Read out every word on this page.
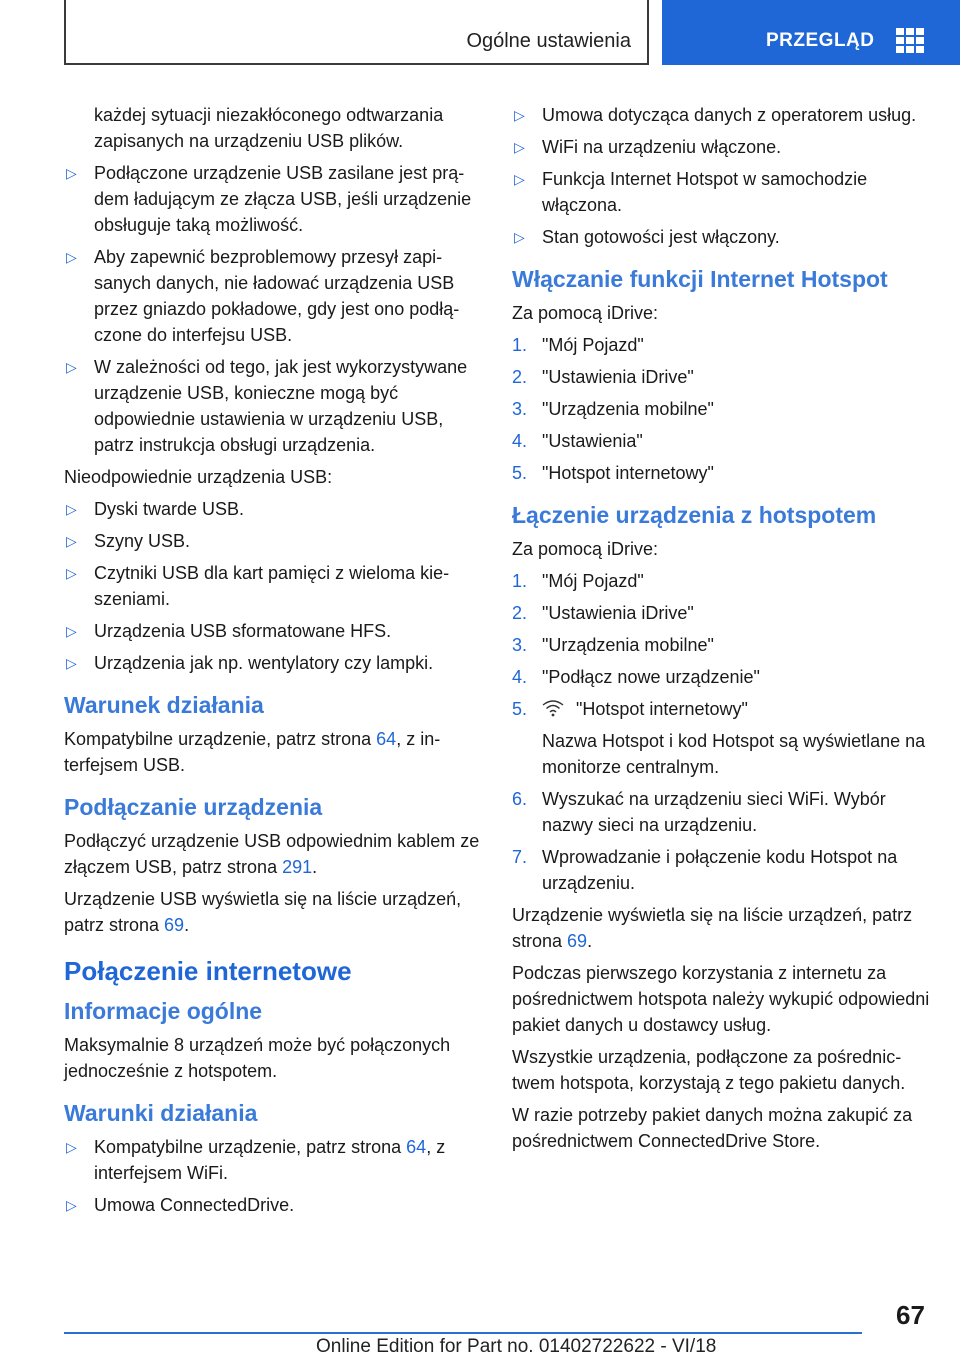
Ogólne ustawienia	PRZEGLĄD
każdej sytuacji niezakłóconego odtwarzania zapisanych na urządzeniu USB plików.
▷ Podłączone urządzenie USB zasilane jest prądem ładującym ze złącza USB, jeśli urządzenie obsługuje taką możliwość.
▷ Aby zapewnić bezproblemowy przesył zapisanych danych, nie ładować urządzenia USB przez gniazdo pokładowe, gdy jest ono podłączone do interfejsu USB.
▷ W zależności od tego, jak jest wykorzystywane urządzenie USB, konieczne mogą być odpowiednie ustawienia w urządzeniu USB, patrz instrukcja obsługi urządzenia.
Nieodpowiednie urządzenia USB:
▷ Dyski twarde USB.
▷ Szyny USB.
▷ Czytniki USB dla kart pamięci z wieloma kieszeniami.
▷ Urządzenia USB sformatowane HFS.
▷ Urządzenia jak np. wentylatory czy lampki.
Warunek działania
Kompatybilne urządzenie, patrz strona 64, z interfejsem USB.
Podłączanie urządzenia
Podłączyć urządzenie USB odpowiednim kablem ze złączem USB, patrz strona 291.
Urządzenie USB wyświetla się na liście urządzeń, patrz strona 69.
Połączenie internetowe
Informacje ogólne
Maksymalnie 8 urządzeń może być połączonych jednocześnie z hotspotem.
Warunki działania
▷ Kompatybilne urządzenie, patrz strona 64, z interfejsem WiFi.
▷ Umowa ConnectedDrive.
▷ Umowa dotycząca danych z operatorem usług.
▷ WiFi na urządzeniu włączone.
▷ Funkcja Internet Hotspot w samochodzie włączona.
▷ Stan gotowości jest włączony.
Włączanie funkcji Internet Hotspot
Za pomocą iDrive:
1. "Mój Pojazd"
2. "Ustawienia iDrive"
3. "Urządzenia mobilne"
4. "Ustawienia"
5. "Hotspot internetowy"
Łączenie urządzenia z hotspotem
Za pomocą iDrive:
1. "Mój Pojazd"
2. "Ustawienia iDrive"
3. "Urządzenia mobilne"
4. "Podłącz nowe urządzenie"
5.	"Hotspot internetowy"
Nazwa Hotspot i kod Hotspot są wyświetlane na monitorze centralnym.
6. Wyszukać na urządzeniu sieci WiFi. Wybór nazwy sieci na urządzeniu.
7. Wprowadzanie i połączenie kodu Hotspot na urządzeniu.
Urządzenie wyświetla się na liście urządzeń, patrz strona 69.
Podczas pierwszego korzystania z internetu za pośrednictwem hotspota należy wykupić odpowiedni pakiet danych u dostawcy usług.
Wszystkie urządzenia, podłączone za pośrednictwem hotspota, korzystają z tego pakietu danych.
W razie potrzeby pakiet danych można zakupić za pośrednictwem ConnectedDrive Store.
67
Online Edition for Part no. 01402722622 - VI/18
